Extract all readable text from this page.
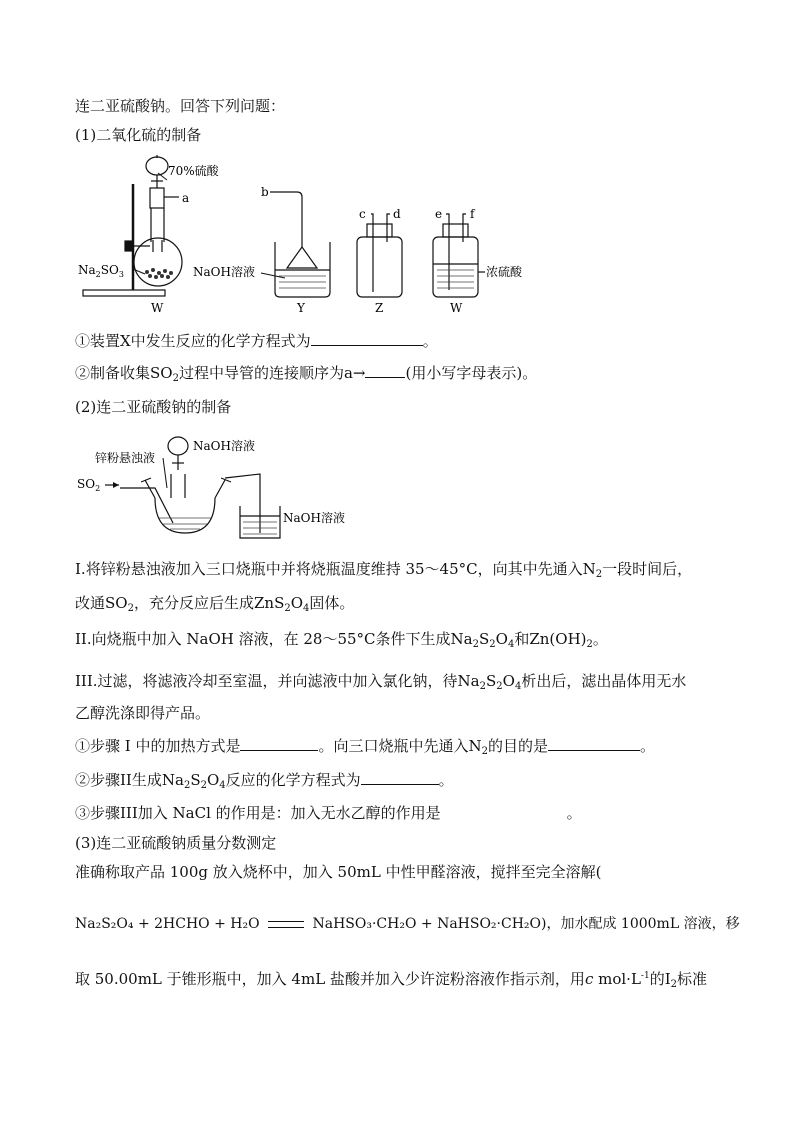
连二亚硫酸钠。回答下列问题：
(1)二氧化硫的制备
70%硫酸
a
$Na_2SO_3$
W
b
NaOH溶液
Y
c d
Z
e f
浓硫酸
W
①装置X中发生反应的化学方程式为	。
②制备收集$SO_2$过程中导管的连接顺序为a→	(用小写字母表示)。
(2)连二亚硫酸钠的制备
NaOH溶液
锌粉悬浊液
$SO_2$
NaOH溶液
I.将锌粉悬浊液加入三口烧瓶中并将烧瓶温度维持 35～45°C，向其中先通入$N_2$一段时间后，
改通$SO_2$，充分反应后生成$ZnS_2O_4$固体。
II.向烧瓶中加入 NaOH 溶液，在 28～55°C条件下生成$Na_2S_2O_4$和$Zn(OH)_2$。
III.过滤，将滤液冷却至室温，并向滤液中加入氯化钠，待$Na_2S_2O_4$析出后，滤出晶体用无水
乙醇洗涤即得产品。
①步骤 I 中的加热方式是	。向三口烧瓶中先通入$N_2$的目的是	。
②步骤II生成$Na_2S_2O_4$反应的化学方程式为	。
③步骤III加入 NaCl 的作用是：加入无水乙醇的作用是	。
(3)连二亚硫酸钠质量分数测定
准确称取产品 100g 放入烧杯中，加入 50mL 中性甲醛溶液，搅拌至完全溶解(
Na₂S₂O₄ + 2HCHO + H₂O	NaHSO₃·CH₂O + NaHSO₂·CH₂O)，加水配成 1000mL 溶液，移
取 50.00mL 于锥形瓶中，加入 4mL 盐酸并加入少许淀粉溶液作指示剂，用c $mol\cdot L^{-1}$的$I_2$标准
